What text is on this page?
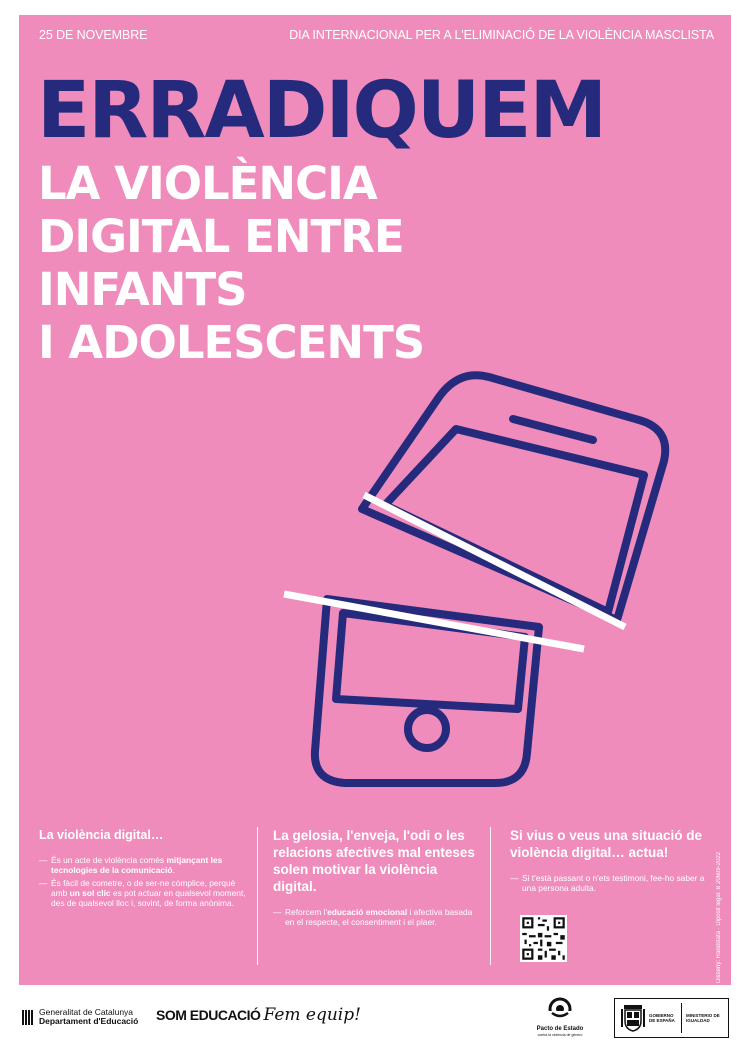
25 DE NOVEMBRE	DIA INTERNACIONAL PER A L'ELIMINACIÓ DE LA VIOLÈNCIA MASCLISTA
ERRADIQUEM
LA VIOLÈNCIA
DIGITAL ENTRE
INFANTS
I ADOLESCENTS
La violència digital…
— És un acte de violència comès mitjançant les tecnologies de la comunicació.
— És fàcil de cometre, o de ser-ne còmplice, perquè amb un sol clic es pot actuar en qualsevol moment, des de qualsevol lloc i, sovint, de forma anònima.
La gelosia, l'enveja, l'odi o les relacions afectives mal enteses solen motivar la violència digital.
— Reforcem l'educació emocional i afectiva basada en el respecte, el consentiment i el plaer.
Si vius o veus una situació de violència digital… actua!
— Si t'està passant o n'ets testimoni, fee-ho saber a una persona adulta.	Disseny: Randstata · Dipòsit legal: B 20609-2022
Generalitat de Catalunya
Departament d'Educació SOM EDUCACIÓ Fem equip!
Pacto de Estado
contra la violencia de género
GOBIERNO DE ESPAÑA
MINISTERIO DE IGUALDAD
